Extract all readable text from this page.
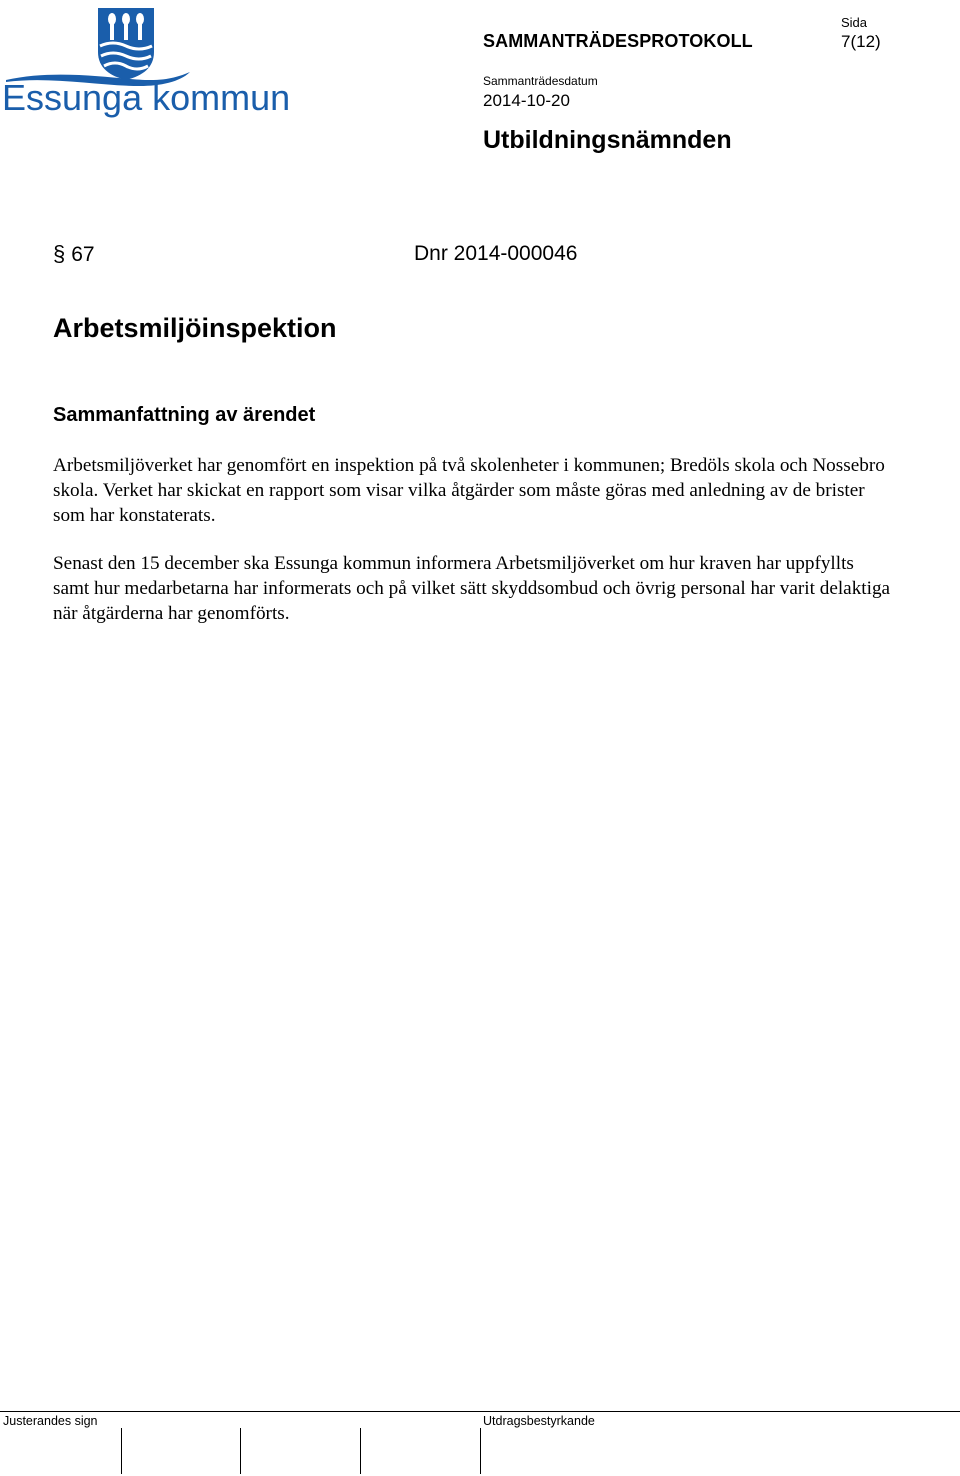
Essunga kommun
SAMMANTRÄDESPROTOKOLL
Sida
7(12)
Sammanträdesdatum
2014-10-20
Utbildningsnämnden
§ 67	Dnr 2014-000046
Arbetsmiljöinspektion
Sammanfattning av ärendet

Arbetsmiljöverket har genomfört en inspektion på två skolenheter i kommunen; Bredöls skola och Nossebro skola. Verket har skickat en rapport som visar vilka åtgärder som måste göras med anledning av de brister som har konstaterats.

Senast den 15 december ska Essunga kommun informera Arbetsmiljöverket om hur kraven har uppfyllts samt hur medarbetarna har informerats och på vilket sätt skyddsombud och övrig personal har varit delaktiga när åtgärderna har genomförts.

Justerandes sign	Utdragsbestyrkande
